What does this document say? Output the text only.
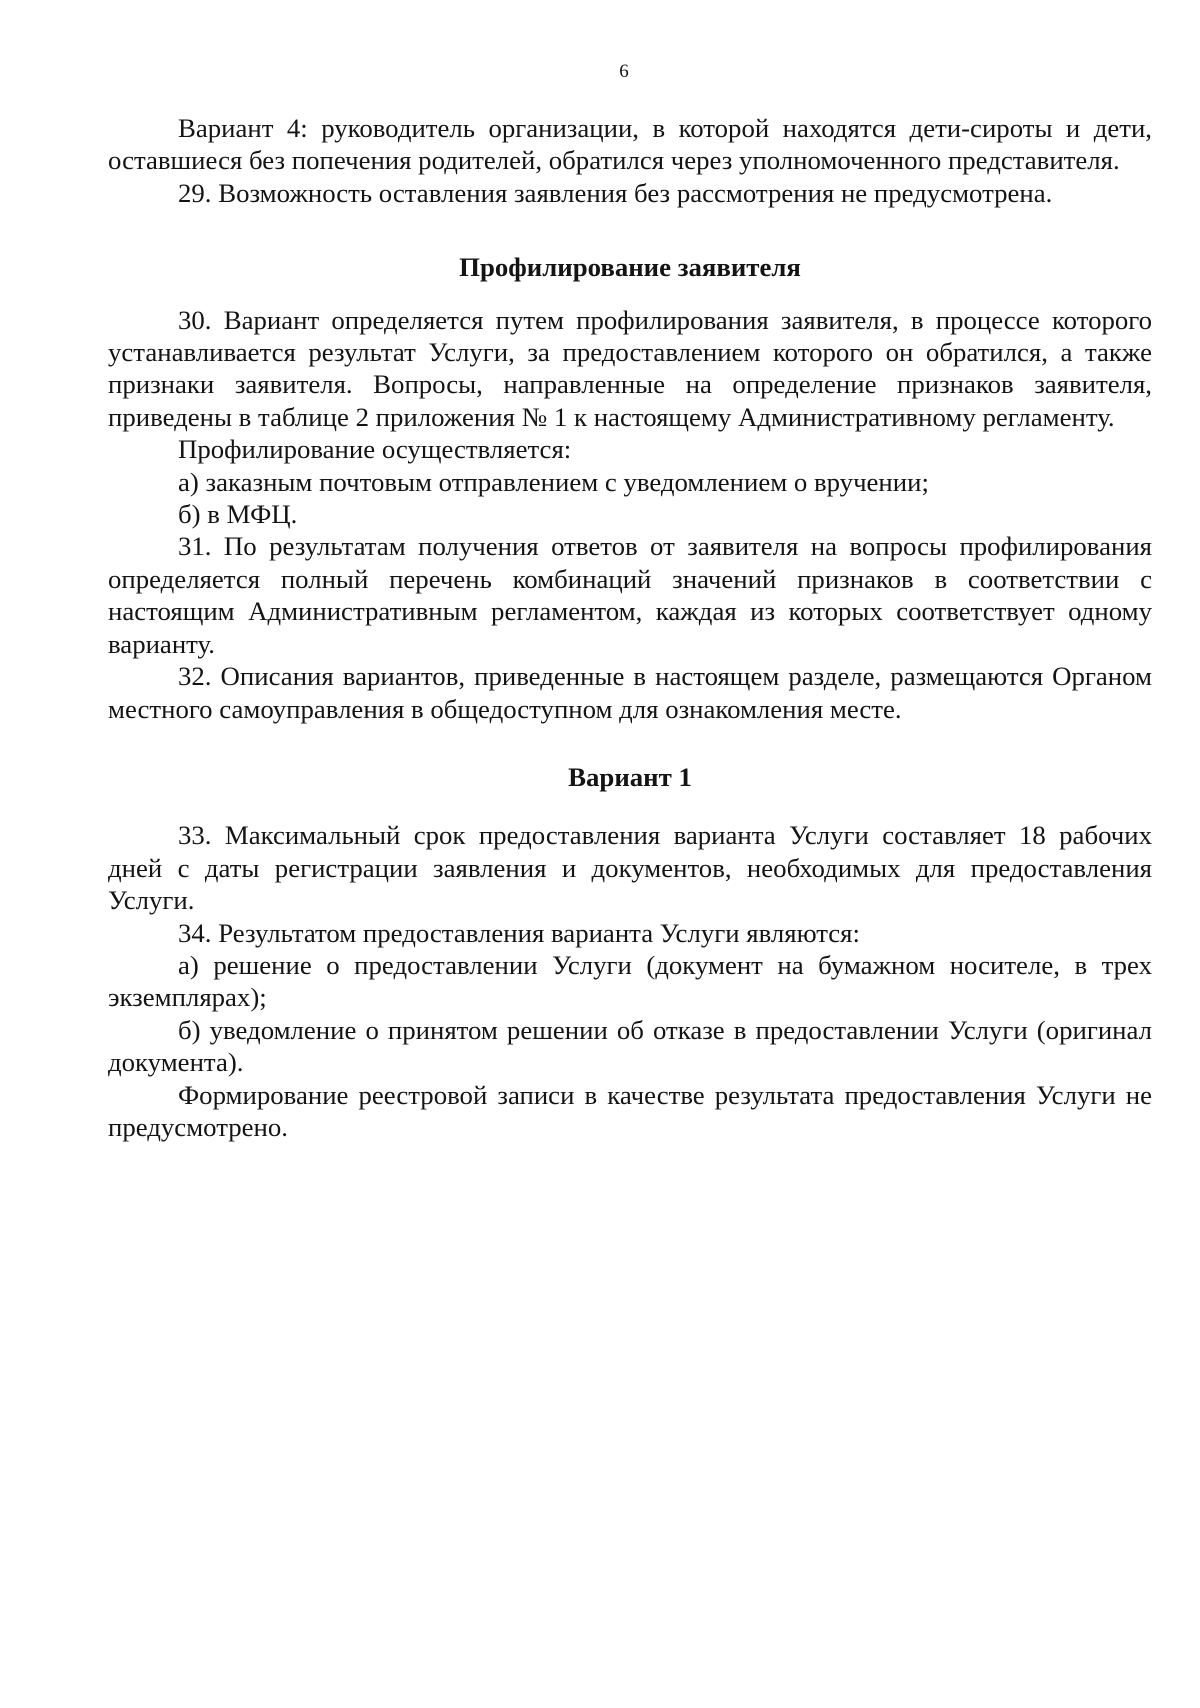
6

Вариант 4: руководитель организации, в которой находятся дети-сироты и дети, оставшиеся без попечения родителей, обратился через уполномоченного представителя.

29. Возможность оставления заявления без рассмотрения не предусмотрена.

Профилирование заявителя

30. Вариант определяется путем профилирования заявителя, в процессе которого устанавливается результат Услуги, за предоставлением которого он обратился, а также признаки заявителя. Вопросы, направленные на определение признаков заявителя, приведены в таблице 2 приложения № 1 к настоящему Административному регламенту.

Профилирование осуществляется:

а) заказным почтовым отправлением с уведомлением о вручении;

б) в МФЦ.

31. По результатам получения ответов от заявителя на вопросы профилирования определяется полный перечень комбинаций значений признаков в соответствии с настоящим Административным регламентом, каждая из которых соответствует одному варианту.

32. Описания вариантов, приведенные в настоящем разделе, размещаются Органом местного самоуправления в общедоступном для ознакомления месте.

Вариант 1

33. Максимальный срок предоставления варианта Услуги составляет 18 рабочих дней с даты регистрации заявления и документов, необходимых для предоставления Услуги.

34. Результатом предоставления варианта Услуги являются:

а) решение о предоставлении Услуги (документ на бумажном носителе, в трех экземплярах);

б) уведомление о принятом решении об отказе в предоставлении Услуги (оригинал документа).

Формирование реестровой записи в качестве результата предоставления Услуги не предусмотрено.
